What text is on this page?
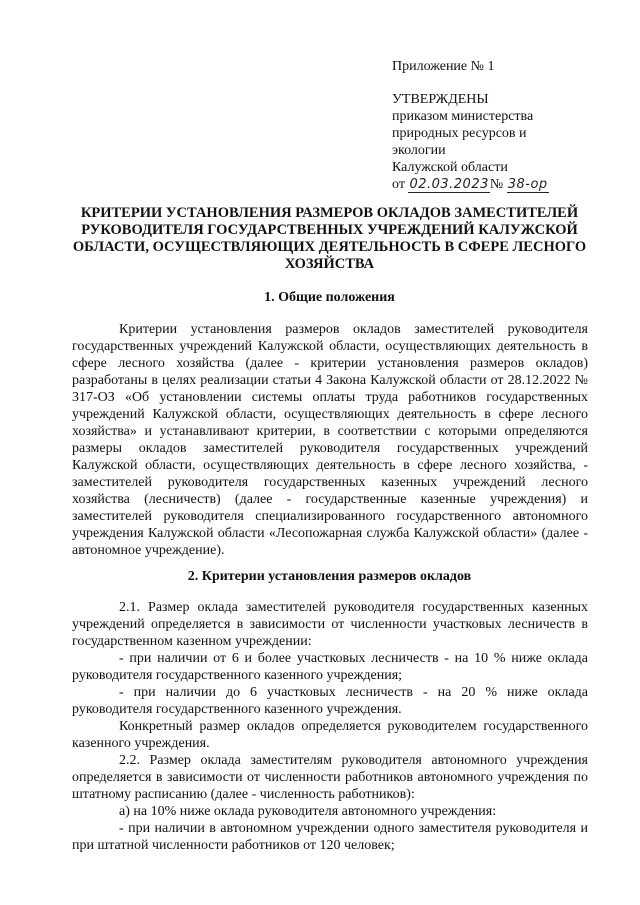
Приложение № 1
УТВЕРЖДЕНЫ
приказом министерства
природных ресурсов и
экологии
Калужской области
от 02.03.2023№ 38-ор
КРИТЕРИИ УСТАНОВЛЕНИЯ РАЗМЕРОВ ОКЛАДОВ ЗАМЕСТИТЕЛЕЙ РУКОВОДИТЕЛЯ ГОСУДАРСТВЕННЫХ УЧРЕЖДЕНИЙ КАЛУЖСКОЙ ОБЛАСТИ, ОСУЩЕСТВЛЯЮЩИХ ДЕЯТЕЛЬНОСТЬ В СФЕРЕ ЛЕСНОГО ХОЗЯЙСТВА
1. Общие положения

Критерии установления размеров окладов заместителей руководителя государственных учреждений Калужской области, осуществляющих деятельность в сфере лесного хозяйства (далее - критерии установления размеров окладов) разработаны в целях реализации статьи 4 Закона Калужской области от 28.12.2022 № 317-ОЗ «Об установлении системы оплаты труда работников государственных учреждений Калужской области, осуществляющих деятельность в сфере лесного хозяйства» и устанавливают критерии, в соответствии с которыми определяются размеры окладов заместителей руководителя государственных учреждений Калужской области, осуществляющих деятельность в сфере лесного хозяйства, - заместителей руководителя государственных казенных учреждений лесного хозяйства (лесничеств) (далее - государственные казенные учреждения) и заместителей руководителя специализированного государственного автономного учреждения Калужской области «Лесопожарная служба Калужской области» (далее - автономное учреждение).

2. Критерии установления размеров окладов

2.1. Размер оклада заместителей руководителя государственных казенных учреждений определяется в зависимости от численности участковых лесничеств в государственном казенном учреждении:

- при наличии от 6 и более участковых лесничеств - на 10 % ниже оклада руководителя государственного казенного учреждения;

- при наличии до 6 участковых лесничеств - на 20 % ниже оклада руководителя государственного казенного учреждения.

Конкретный размер окладов определяется руководителем государственного казенного учреждения.

2.2. Размер оклада заместителям руководителя автономного учреждения определяется в зависимости от численности работников автономного учреждения по штатному расписанию (далее - численность работников):

а) на 10% ниже оклада руководителя автономного учреждения:

- при наличии в автономном учреждении одного заместителя руководителя и при штатной численности работников от 120 человек;
